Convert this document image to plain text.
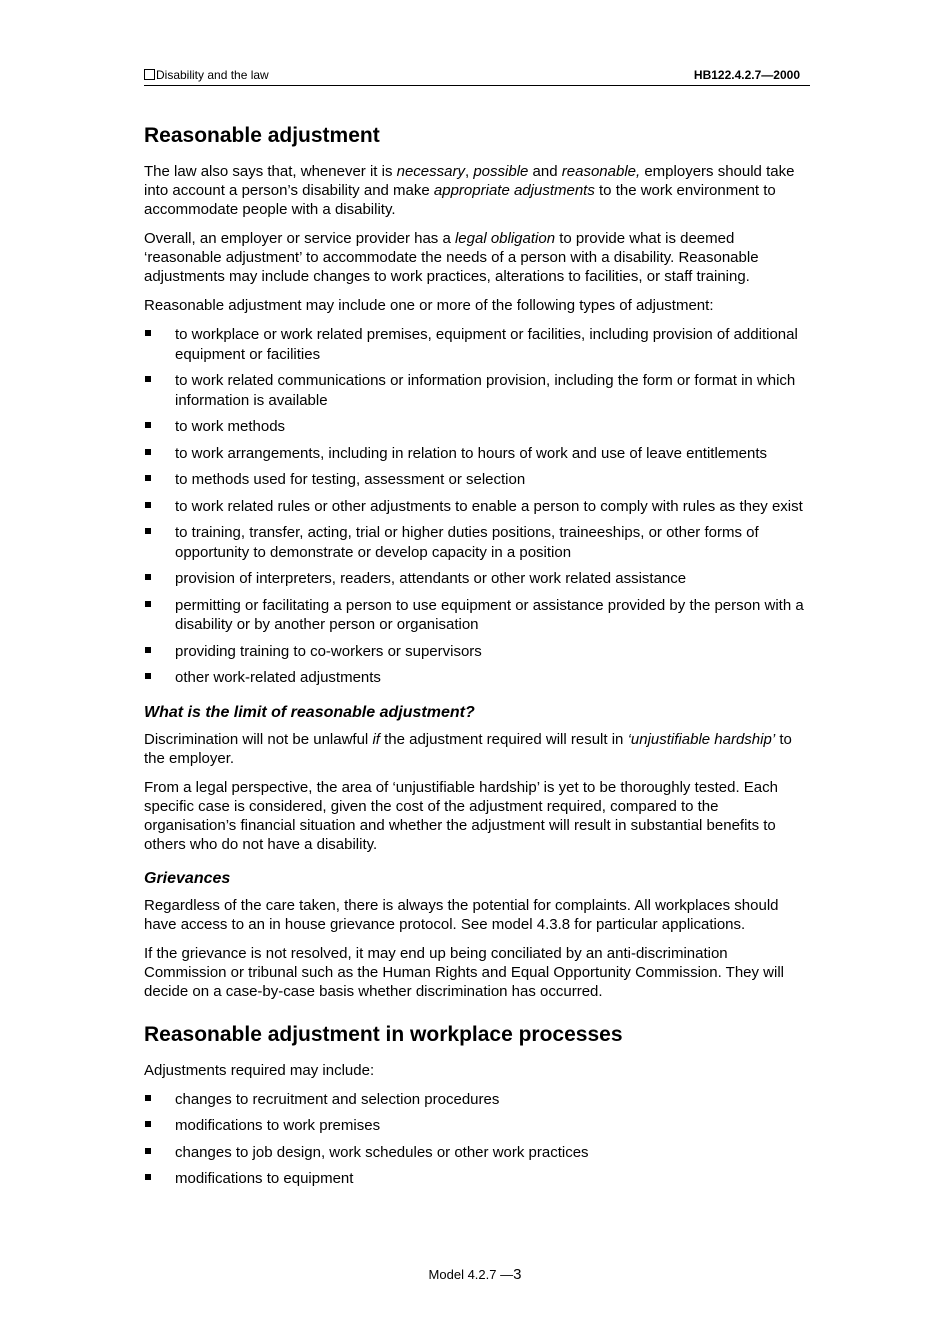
Disability and the law	HB122.4.2.7—2000
Reasonable adjustment

The law also says that, whenever it is necessary, possible and reasonable, employers should take into account a person’s disability and make appropriate adjustments to the work environment to accommodate people with a disability.

Overall, an employer or service provider has a legal obligation to provide what is deemed ‘reasonable adjustment’ to accommodate the needs of a person with a disability. Reasonable adjustments may include changes to work practices, alterations to facilities, or staff training.

Reasonable adjustment may include one or more of the following types of adjustment:

to workplace or work related premises, equipment or facilities, including provision of additional equipment or facilities
to work related communications or information provision, including the form or format in which information is available
to work methods
to work arrangements, including in relation to hours of work and use of leave entitlements
to methods used for testing, assessment or selection
to work related rules or other adjustments to enable a person to comply with rules as they exist
to training, transfer, acting, trial or higher duties positions, traineeships, or other forms of opportunity to demonstrate or develop capacity in a position
provision of interpreters, readers, attendants or other work related assistance
permitting or facilitating a person to use equipment or assistance provided by the person with a disability or by another person or organisation
providing training to co-workers or supervisors
other work-related adjustments
What is the limit of reasonable adjustment?

Discrimination will not be unlawful if the adjustment required will result in ‘unjustifiable hardship’ to the employer.

From a legal perspective, the area of ‘unjustifiable hardship’ is yet to be thoroughly tested. Each specific case is considered, given the cost of the adjustment required, compared to the organisation’s financial situation and whether the adjustment will result in substantial benefits to others who do not have a disability.

Grievances

Regardless of the care taken, there is always the potential for complaints. All workplaces should have access to an in house grievance protocol. See model 4.3.8 for particular applications.

If the grievance is not resolved, it may end up being conciliated by an anti-discrimination Commission or tribunal such as the Human Rights and Equal Opportunity Commission. They will decide on a case-by-case basis whether discrimination has occurred.

Reasonable adjustment in workplace processes

Adjustments required may include:

changes to recruitment and selection procedures
modifications to work premises
changes to job design, work schedules or other work practices
modifications to equipment
Model 4.2.7 —3
